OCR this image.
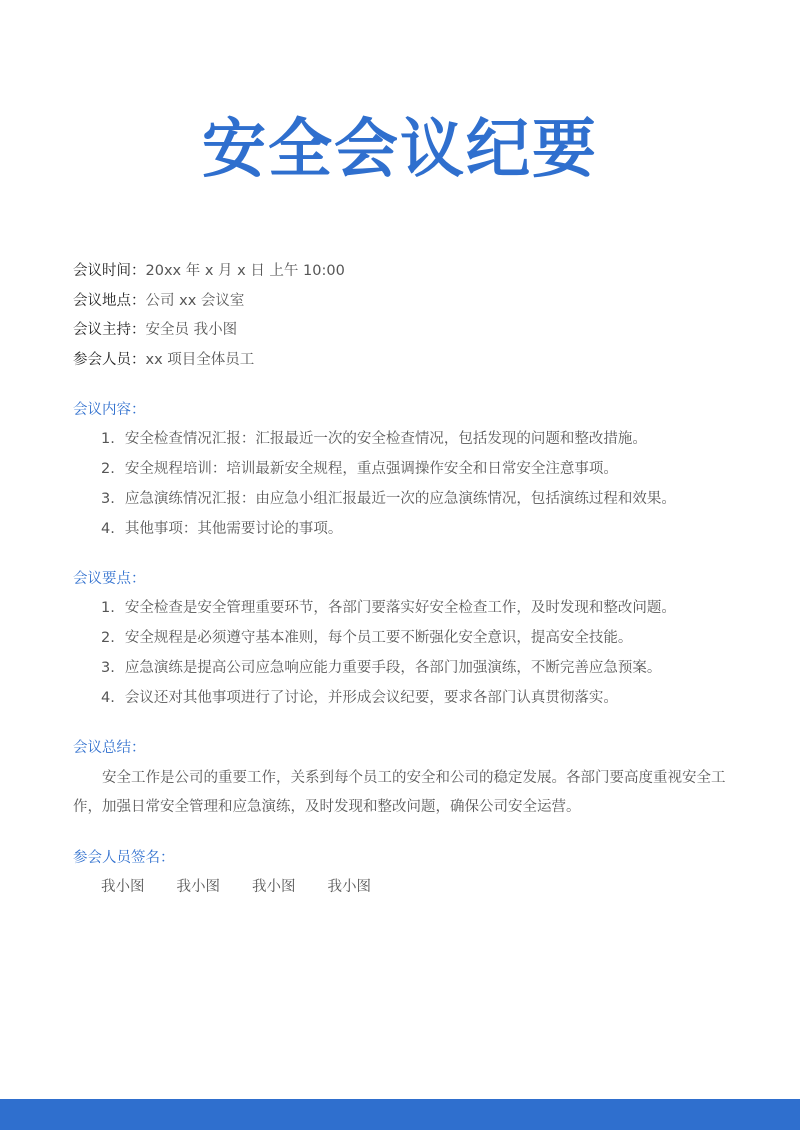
安全会议纪要
会议时间：20xx 年 x 月 x 日 上午 10:00
会议地点：公司 xx 会议室
会议主持：安全员 我小图
参会人员：xx 项目全体员工
会议内容：
1. 安全检查情况汇报：汇报最近一次的安全检查情况，包括发现的问题和整改措施。
2. 安全规程培训：培训最新安全规程，重点强调操作安全和日常安全注意事项。
3. 应急演练情况汇报：由应急小组汇报最近一次的应急演练情况，包括演练过程和效果。
4. 其他事项：其他需要讨论的事项。
会议要点：
1. 安全检查是安全管理重要环节，各部门要落实好安全检查工作，及时发现和整改问题。
2. 安全规程是必须遵守基本准则，每个员工要不断强化安全意识，提高安全技能。
3. 应急演练是提高公司应急响应能力重要手段，各部门加强演练，不断完善应急预案。
4. 会议还对其他事项进行了讨论，并形成会议纪要，要求各部门认真贯彻落实。
会议总结：

安全工作是公司的重要工作，关系到每个员工的安全和公司的稳定发展。各部门要高度重视安全工作，加强日常安全管理和应急演练，及时发现和整改问题，确保公司安全运营。

参会人员签名：
我小图 我小图 我小图 我小图
